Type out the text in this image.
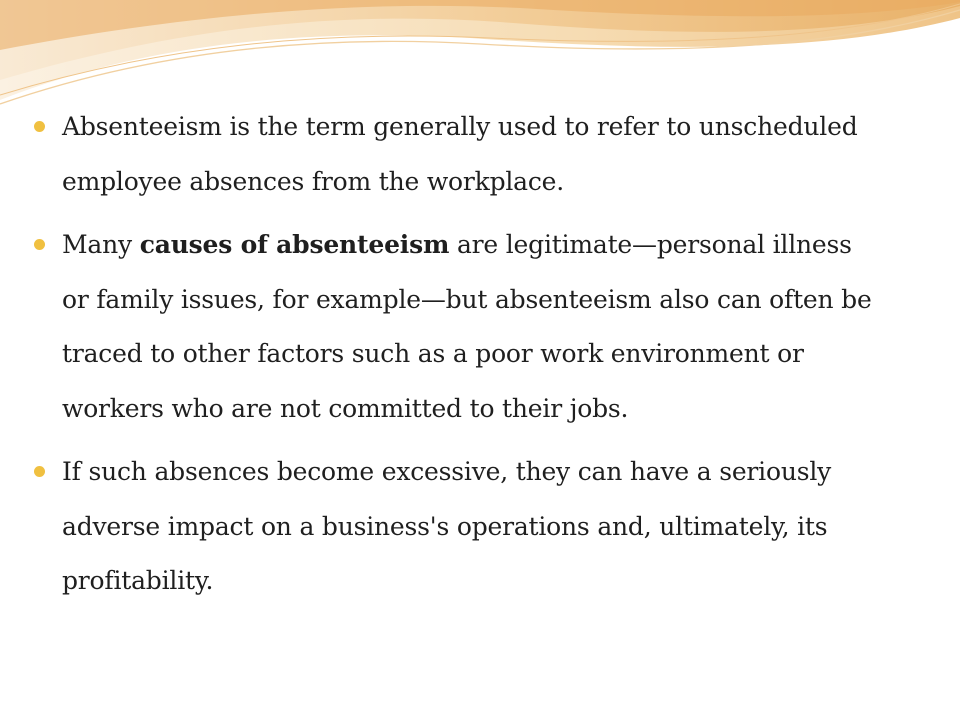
Absenteeism is the term generally used to refer to unscheduled employee absences from the workplace.
Many causes of absenteeism are legitimate—personal illness or family issues, for example—but absenteeism also can often be traced to other factors such as a poor work environment or workers who are not committed to their jobs.
If such absences become excessive, they can have a seriously adverse impact on a business's operations and, ultimately, its profitability.
